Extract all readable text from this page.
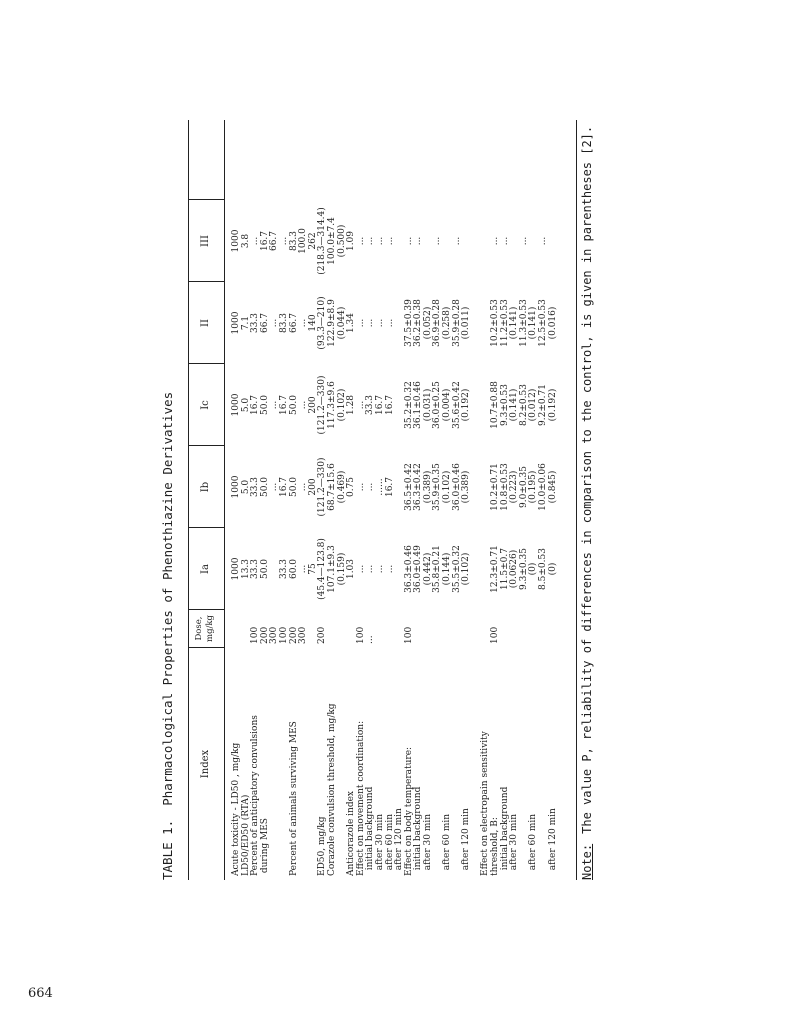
664
TABLE 1.Pharmacological Properties of Phenothiazine Derivatives	Index
Dose, mg/kg
Ia
Ib
Ic
II
III
Acute toxicity - LD50 , mg/kg
LD50/ED50 (RTA)
Percent of anticipatory convulsions
during MES

Percent of animals surviving MES

ED50, mg/kg
Corazole convulsion threshold, mg/kg

Anticorazole index
Effect on movement coordination:
initial background
after 30 min
after 60 min
after 120 min
Effect on body temperature:
initial background
after 30 min

after 60 min

after 120 min

Effect on electropain sensitivity
threshold, B:
initial background
after 30 min

after 60 min

after 120 min

100
200
300
100
200
300

200

100
...

100

100

1000
13.3
33.3
50.0

33.3
60.0
...
75
(45.4—123.8)
107.1±9.3
(0.159)
1.03
...
...
...
...

36.3±0.46
36.0±0.49
(0.442)
35.8±0.21
(0.144)
35.5±0.32
(0.102)

12.3±0.71
11.5±0.7
(0.0626)
9.3±0.35
(0)
8.5±0.53
(0)
1000
5.0
33.3
50.0
...
16.7
50.0
...
200
(121.2—330)
68.7±15.6
(0.469)
0.75
...
...
......
16.7

36.5±0.42
36.3±0.42
(0.389)
35.9±0.35
(0.102)
36.0±0.46
(0.389)

10.2±0.71
10.8±0.53
(0.223)
9.0±0.35
(0.195)
10.0±0.06
(0.845)
1000
5.0
16.7
50.0
...
16.7
50.0
...
200
(121.2—330)
117.3±9.6
(0.102)
1.28
...
33.3
16.7
16.7

35.2±0.32
36.1±0.46
(0.031)
36.0±0.25
(0.004)
35.6±0.42
(0.192)

10.7±0.88
9.3±0.53
(0.141)
8.2±0.53
(0.012)
9.2±0.71
(0.192)
1000
7.1
33.3
66.7
...
83.3
66.7
...
140
(93.3—210)
122.9±8.9
(0.044)
1.34
...
...
...
...

37.5±0.39
36.2±0.38
(0.052)
36.9±0.28
(0.258)
35.9±0.28
(0.011)

10.2±0.53
11.2±0.53
(0.141)
11.3±0.53
(0.141)
12.5±0.53
(0.016)
1000
3.8
...
16.7
66.7
...
83.3
100.0
262
(218.3—314.4)
100.0±7.4
(0.500)
1.09
...
...
...
...

...
...

...

...

...
...

...

...

Note:The value P, reliability of differences in comparison to the control, is given in parentheses [2].
